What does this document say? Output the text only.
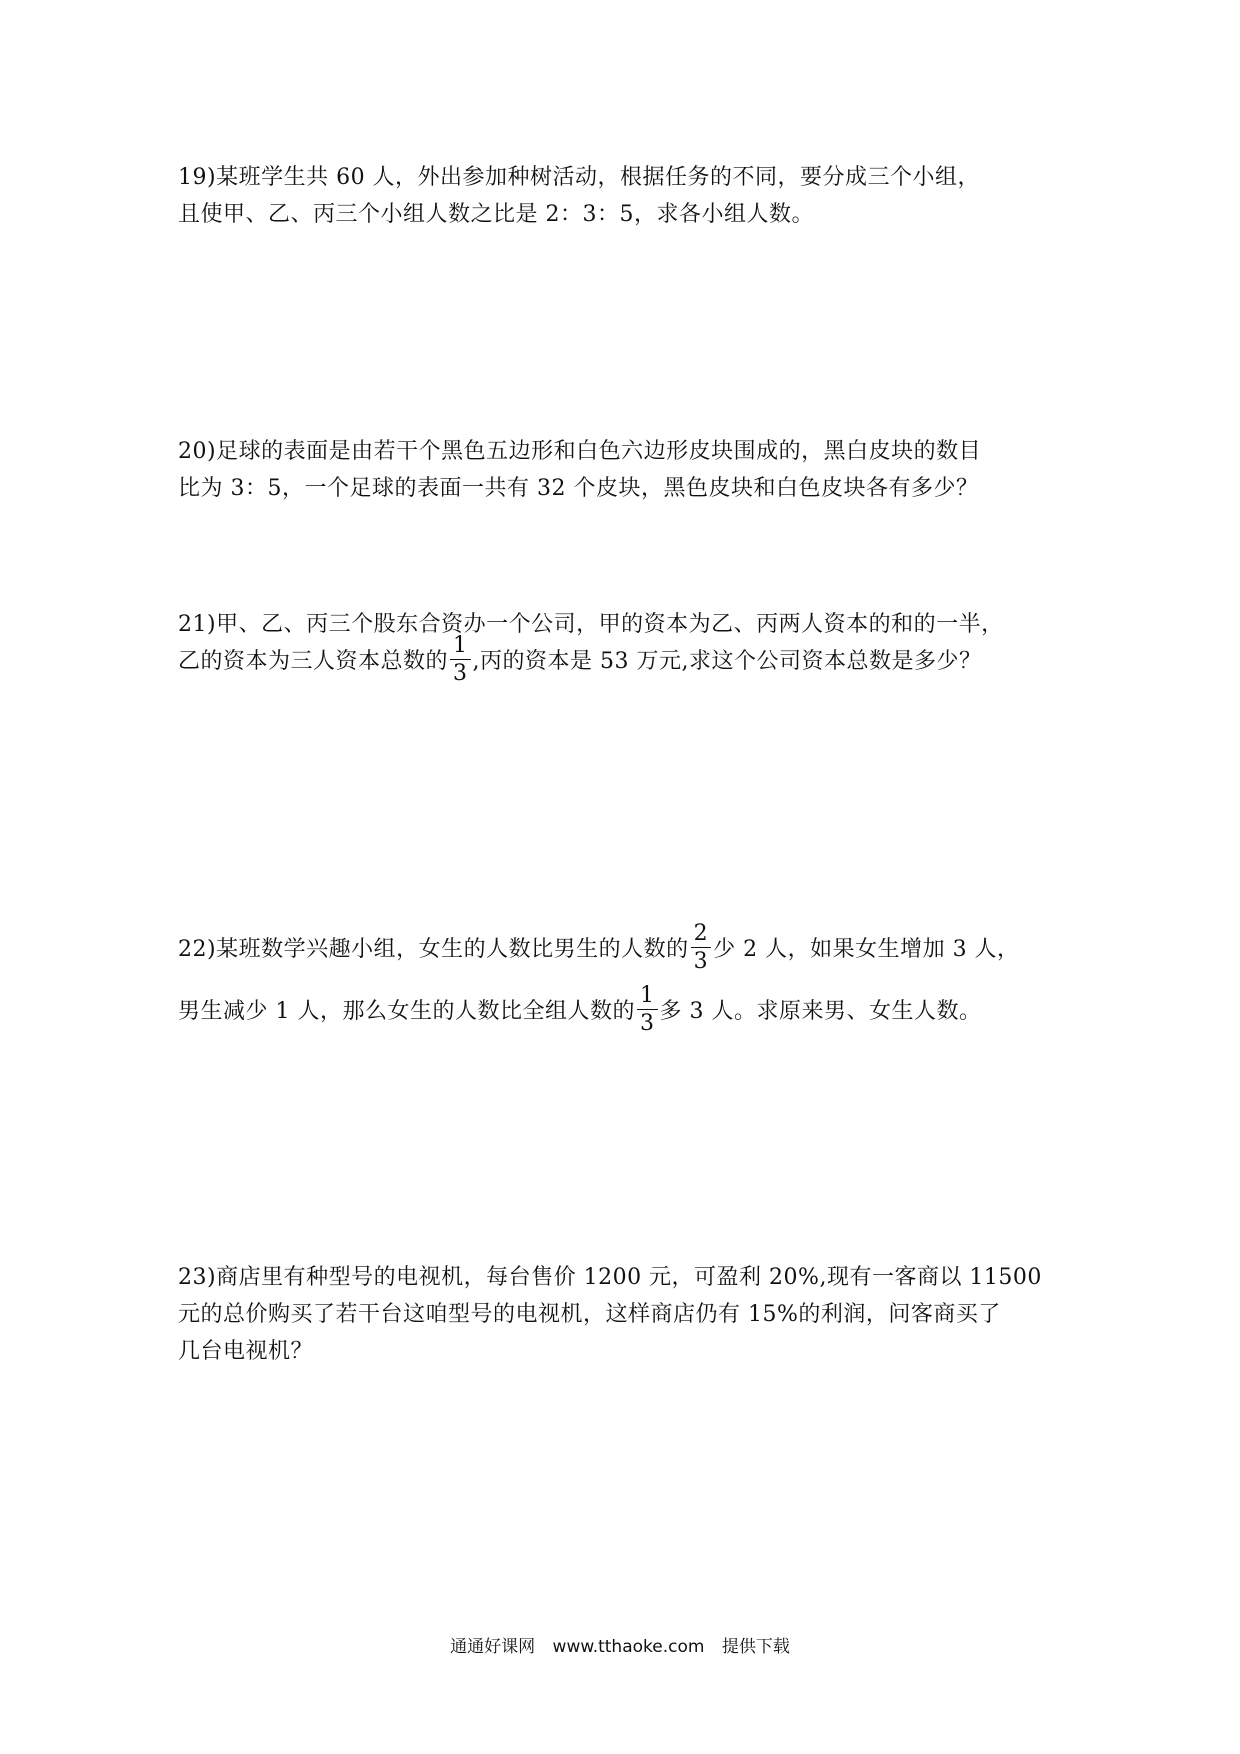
19)某班学生共 60 人，外出参加种树活动，根据任务的不同，要分成三个小组，
且使甲、乙、丙三个小组人数之比是 2：3：5，求各小组人数。
20)足球的表面是由若干个黑色五边形和白色六边形皮块围成的，黑白皮块的数目
比为 3：5，一个足球的表面一共有 32 个皮块，黑色皮块和白色皮块各有多少？
21)甲、乙、丙三个股东合资办一个公司，甲的资本为乙、丙两人资本的和的一半，
乙的资本为三人资本总数的 $\frac{1}{3}$ ,丙的资本是 53 万元,求这个公司资本总数是多少？
22)某班数学兴趣小组，女生的人数比男生的人数的 $\frac{2}{3}$ 少 2 人，如果女生增加 3 人，
男生减少 1 人，那么女生的人数比全组人数的 $\frac{1}{3}$ 多 3 人。求原来男、女生人数。
23)商店里有种型号的电视机，每台售价 1200 元，可盈利 20%,现有一客商以 11500
元的总价购买了若干台这咱型号的电视机，这样商店仍有 15%的利润，问客商买了
几台电视机？
通通好课网 www.tthaoke.com 提供下载
